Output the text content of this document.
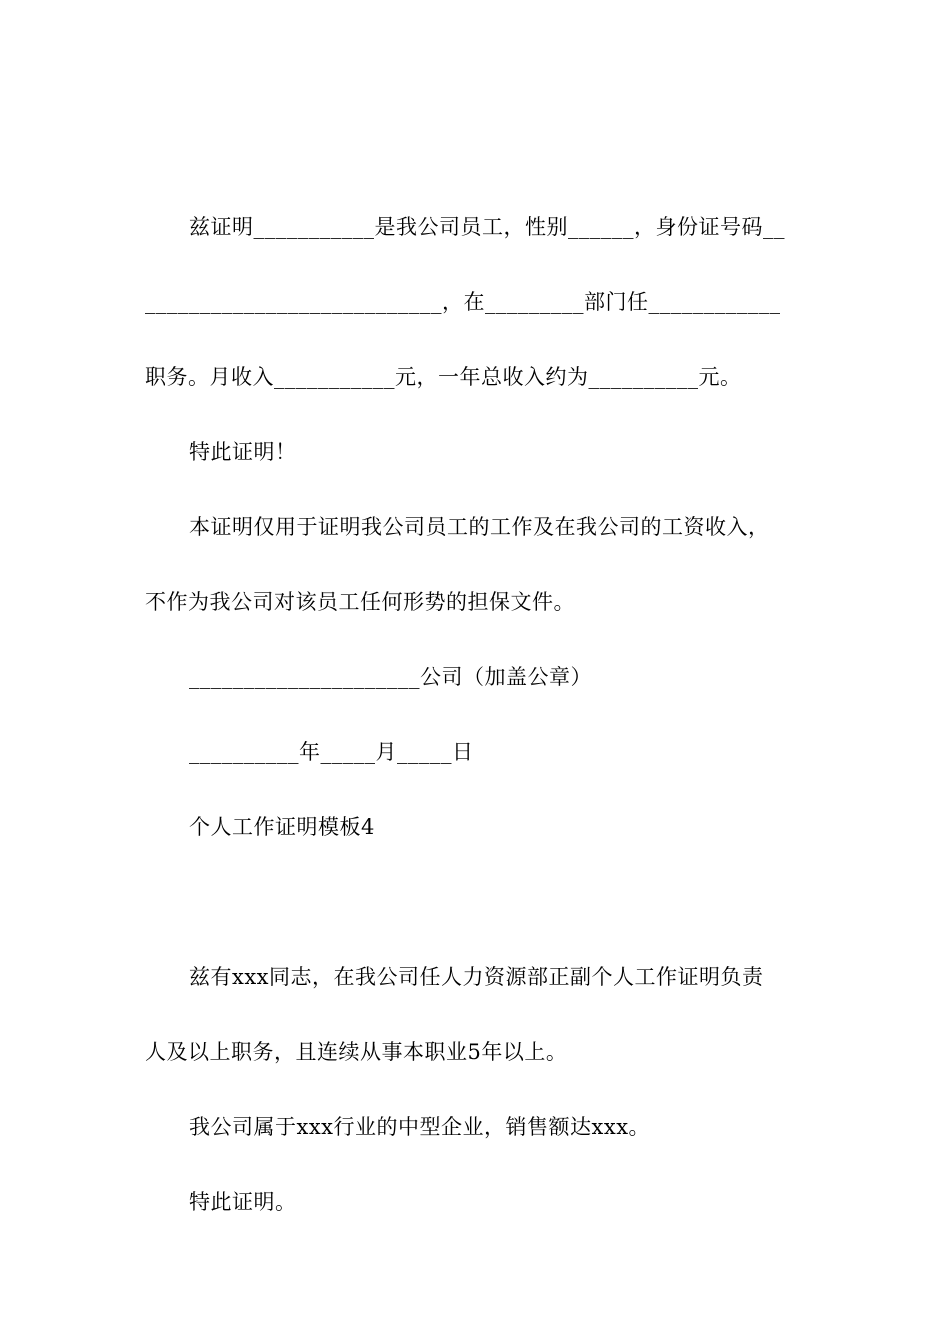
兹证明___________是我公司员工，性别______，身份证号码__
___________________________，在_________部门任____________
职务。月收入___________元，一年总收入约为__________元。
特此证明！
本证明仅用于证明我公司员工的工作及在我公司的工资收入，
不作为我公司对该员工任何形势的担保文件。
_____________________公司（加盖公章）
__________年_____月_____日
个人工作证明模板4
兹有xxx同志，在我公司任人力资源部正副个人工作证明负责
人及以上职务，且连续从事本职业5年以上。
我公司属于xxx行业的中型企业，销售额达xxx。
特此证明。
